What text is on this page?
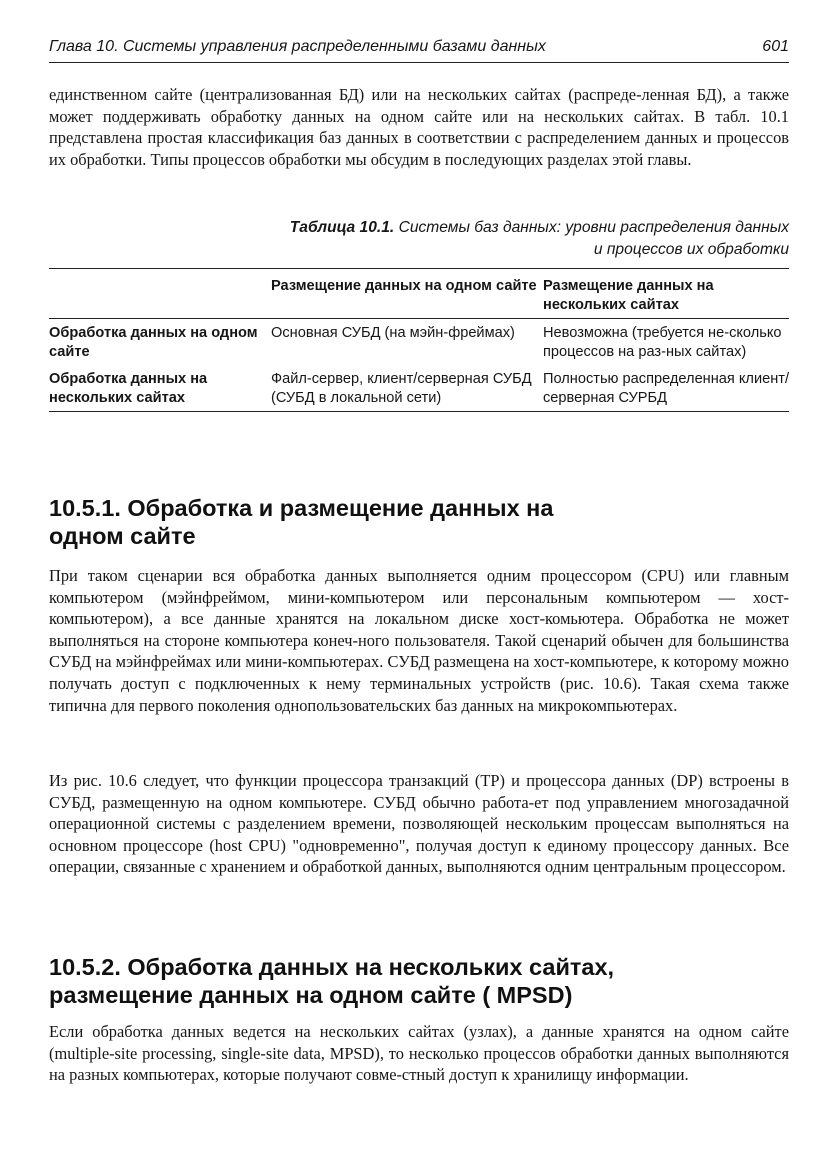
Глава 10. Системы управления распределенными базами данных	601

единственном сайте (централизованная БД) или на нескольких сайтах (распреде-ленная БД), а также может поддерживать обработку данных на одном сайте или на нескольких сайтах. В табл. 10.1 представлена простая классификация баз данных в соответствии с распределением данных и процессов их обработки. Типы процессов обработки мы обсудим в последующих разделах этой главы.

Таблица 10.1. Системы баз данных: уровни распределения данных
и процессов их обработки
	Размещение данных на одном сайте	Размещение данных на нескольких сайтах
Обработка данных на одном сайте	Основная СУБД (на мэйн-фреймах)	Невозможна (требуется не-сколько процессов на раз-ных сайтах)
Обработка данных на нескольких сайтах	Файл-сервер, клиент/серверная СУБД (СУБД в локальной сети)	Полностью распределенная клиент/серверная СУРБД
10.5.1. Обработка и размещение данных на одном сайте

При таком сценарии вся обработка данных выполняется одним процессором (CPU) или главным компьютером (мэйнфреймом, мини-компьютером или персональным компьютером — хост-компьютером), а все данные хранятся на локальном диске хост-комьютера. Обработка не может выполняться на стороне компьютера конеч-ного пользователя. Такой сценарий обычен для большинства СУБД на мэйнфреймах или мини-компьютерах. СУБД размещена на хост-компьютере, к которому можно получать доступ с подключенных к нему терминальных устройств (рис. 10.6). Такая схема также типична для первого поколения однопользовательских баз данных на микрокомпьютерах.

Из рис. 10.6 следует, что функции процессора транзакций (TP) и процессора данных (DP) встроены в СУБД, размещенную на одном компьютере. СУБД обычно работа-ет под управлением многозадачной операционной системы с разделением времени, позволяющей нескольким процессам выполняться на основном процессоре (host CPU) "одновременно", получая доступ к единому процессору данных. Все операции, связанные с хранением и обработкой данных, выполняются одним центральным процессором.

10.5.2. Обработка данных на нескольких сайтах, размещение данных на одном сайте ( MPSD)

Если обработка данных ведется на нескольких сайтах (узлах), а данные хранятся на одном сайте (multiple-site processing, single-site data, MPSD), то несколько процессов обработки данных выполняются на разных компьютерах, которые получают совме-стный доступ к хранилищу информации.
